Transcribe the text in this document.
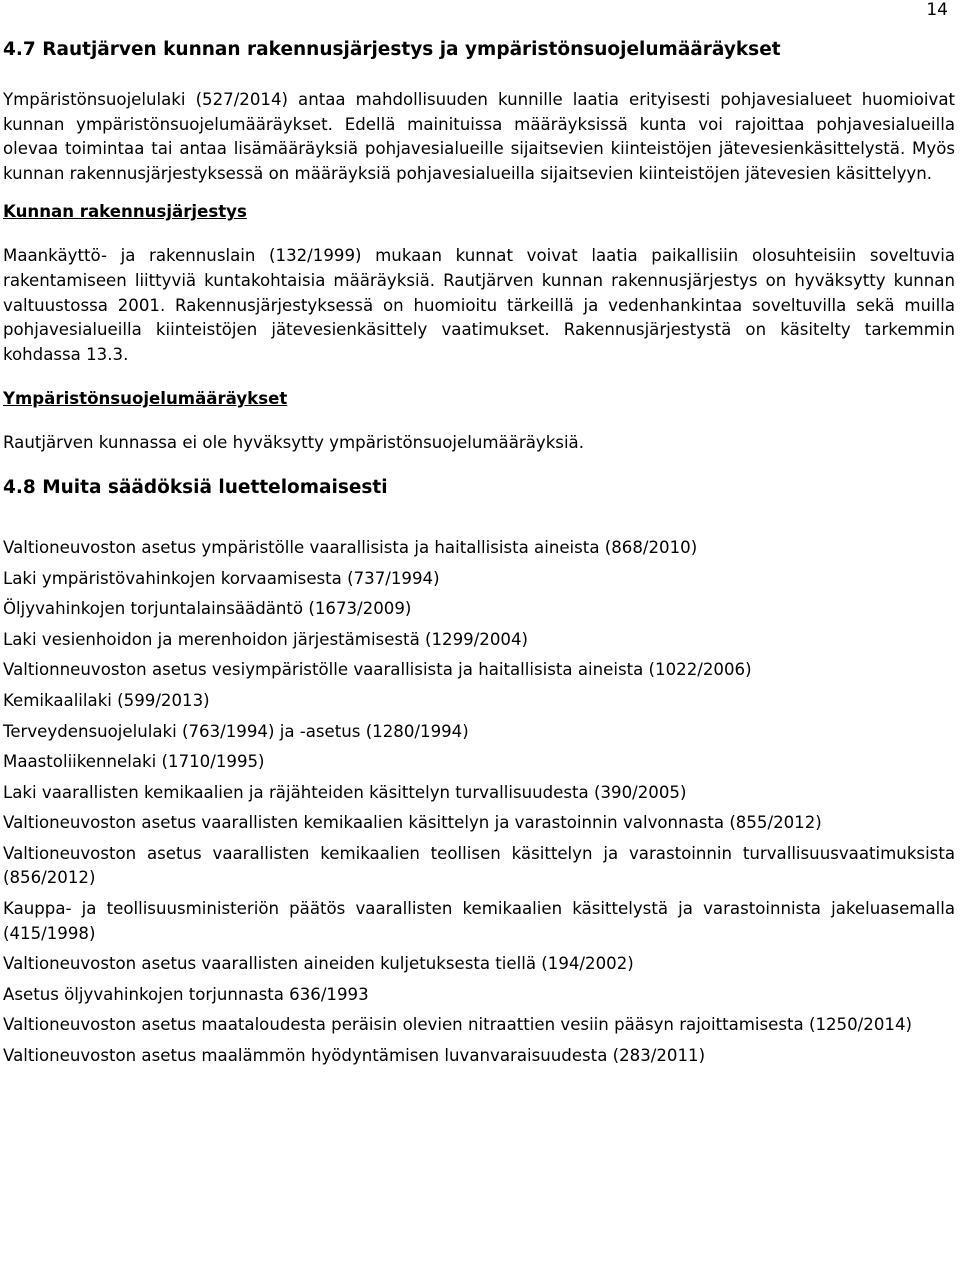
14
4.7 Rautjärven kunnan rakennusjärjestys ja ympäristönsuojelumääräykset

Ympäristönsuojelulaki (527/2014) antaa mahdollisuuden kunnille laatia erityisesti pohjavesialueet huomioivat kunnan ympäristönsuojelumääräykset. Edellä mainituissa määräyksissä kunta voi rajoittaa pohjavesialueilla olevaa toimintaa tai antaa lisämääräyksiä pohjavesialueille sijaitsevien kiinteistöjen jätevesienkäsittelystä. Myös kunnan rakennusjärjestyksessä on määräyksiä pohjavesialueilla sijaitsevien kiinteistöjen jätevesien käsittelyyn.

Kunnan rakennusjärjestys

Maankäyttö- ja rakennuslain (132/1999) mukaan kunnat voivat laatia paikallisiin olosuhteisiin soveltuvia rakentamiseen liittyviä kuntakohtaisia määräyksiä. Rautjärven kunnan rakennusjärjestys on hyväksytty kunnan valtuustossa 2001. Rakennusjärjestyksessä on huomioitu tärkeillä ja vedenhankintaa soveltuvilla sekä muilla pohjavesialueilla kiinteistöjen jätevesienkäsittely vaatimukset. Rakennusjärjestystä on käsitelty tarkemmin kohdassa 13.3.

Ympäristönsuojelumääräykset

Rautjärven kunnassa ei ole hyväksytty ympäristönsuojelumääräyksiä.

4.8 Muita säädöksiä luettelomaisesti
Valtioneuvoston asetus ympäristölle vaarallisista ja haitallisista aineista (868/2010)
Laki ympäristövahinkojen korvaamisesta (737/1994)
Öljyvahinkojen torjuntalainsäädäntö (1673/2009)
Laki vesienhoidon ja merenhoidon järjestämisestä (1299/2004)
Valtionneuvoston asetus vesiympäristölle vaarallisista ja haitallisista aineista (1022/2006)
Kemikaalilaki (599/2013)
Terveydensuojelulaki (763/1994) ja -asetus (1280/1994)
Maastoliikennelaki (1710/1995)
Laki vaarallisten kemikaalien ja räjähteiden käsittelyn turvallisuudesta (390/2005)
Valtioneuvoston asetus vaarallisten kemikaalien käsittelyn ja varastoinnin valvonnasta (855/2012)
Valtioneuvoston asetus vaarallisten kemikaalien teollisen käsittelyn ja varastoinnin turvallisuusvaatimuksista (856/2012)
Kauppa- ja teollisuusministeriön päätös vaarallisten kemikaalien käsittelystä ja varastoinnista jakeluasemalla (415/1998)
Valtioneuvoston asetus vaarallisten aineiden kuljetuksesta tiellä (194/2002)
Asetus öljyvahinkojen torjunnasta 636/1993
Valtioneuvoston asetus maataloudesta peräisin olevien nitraattien vesiin pääsyn rajoittamisesta (1250/2014)
Valtioneuvoston asetus maalämmön hyödyntämisen luvanvaraisuudesta (283/2011)
